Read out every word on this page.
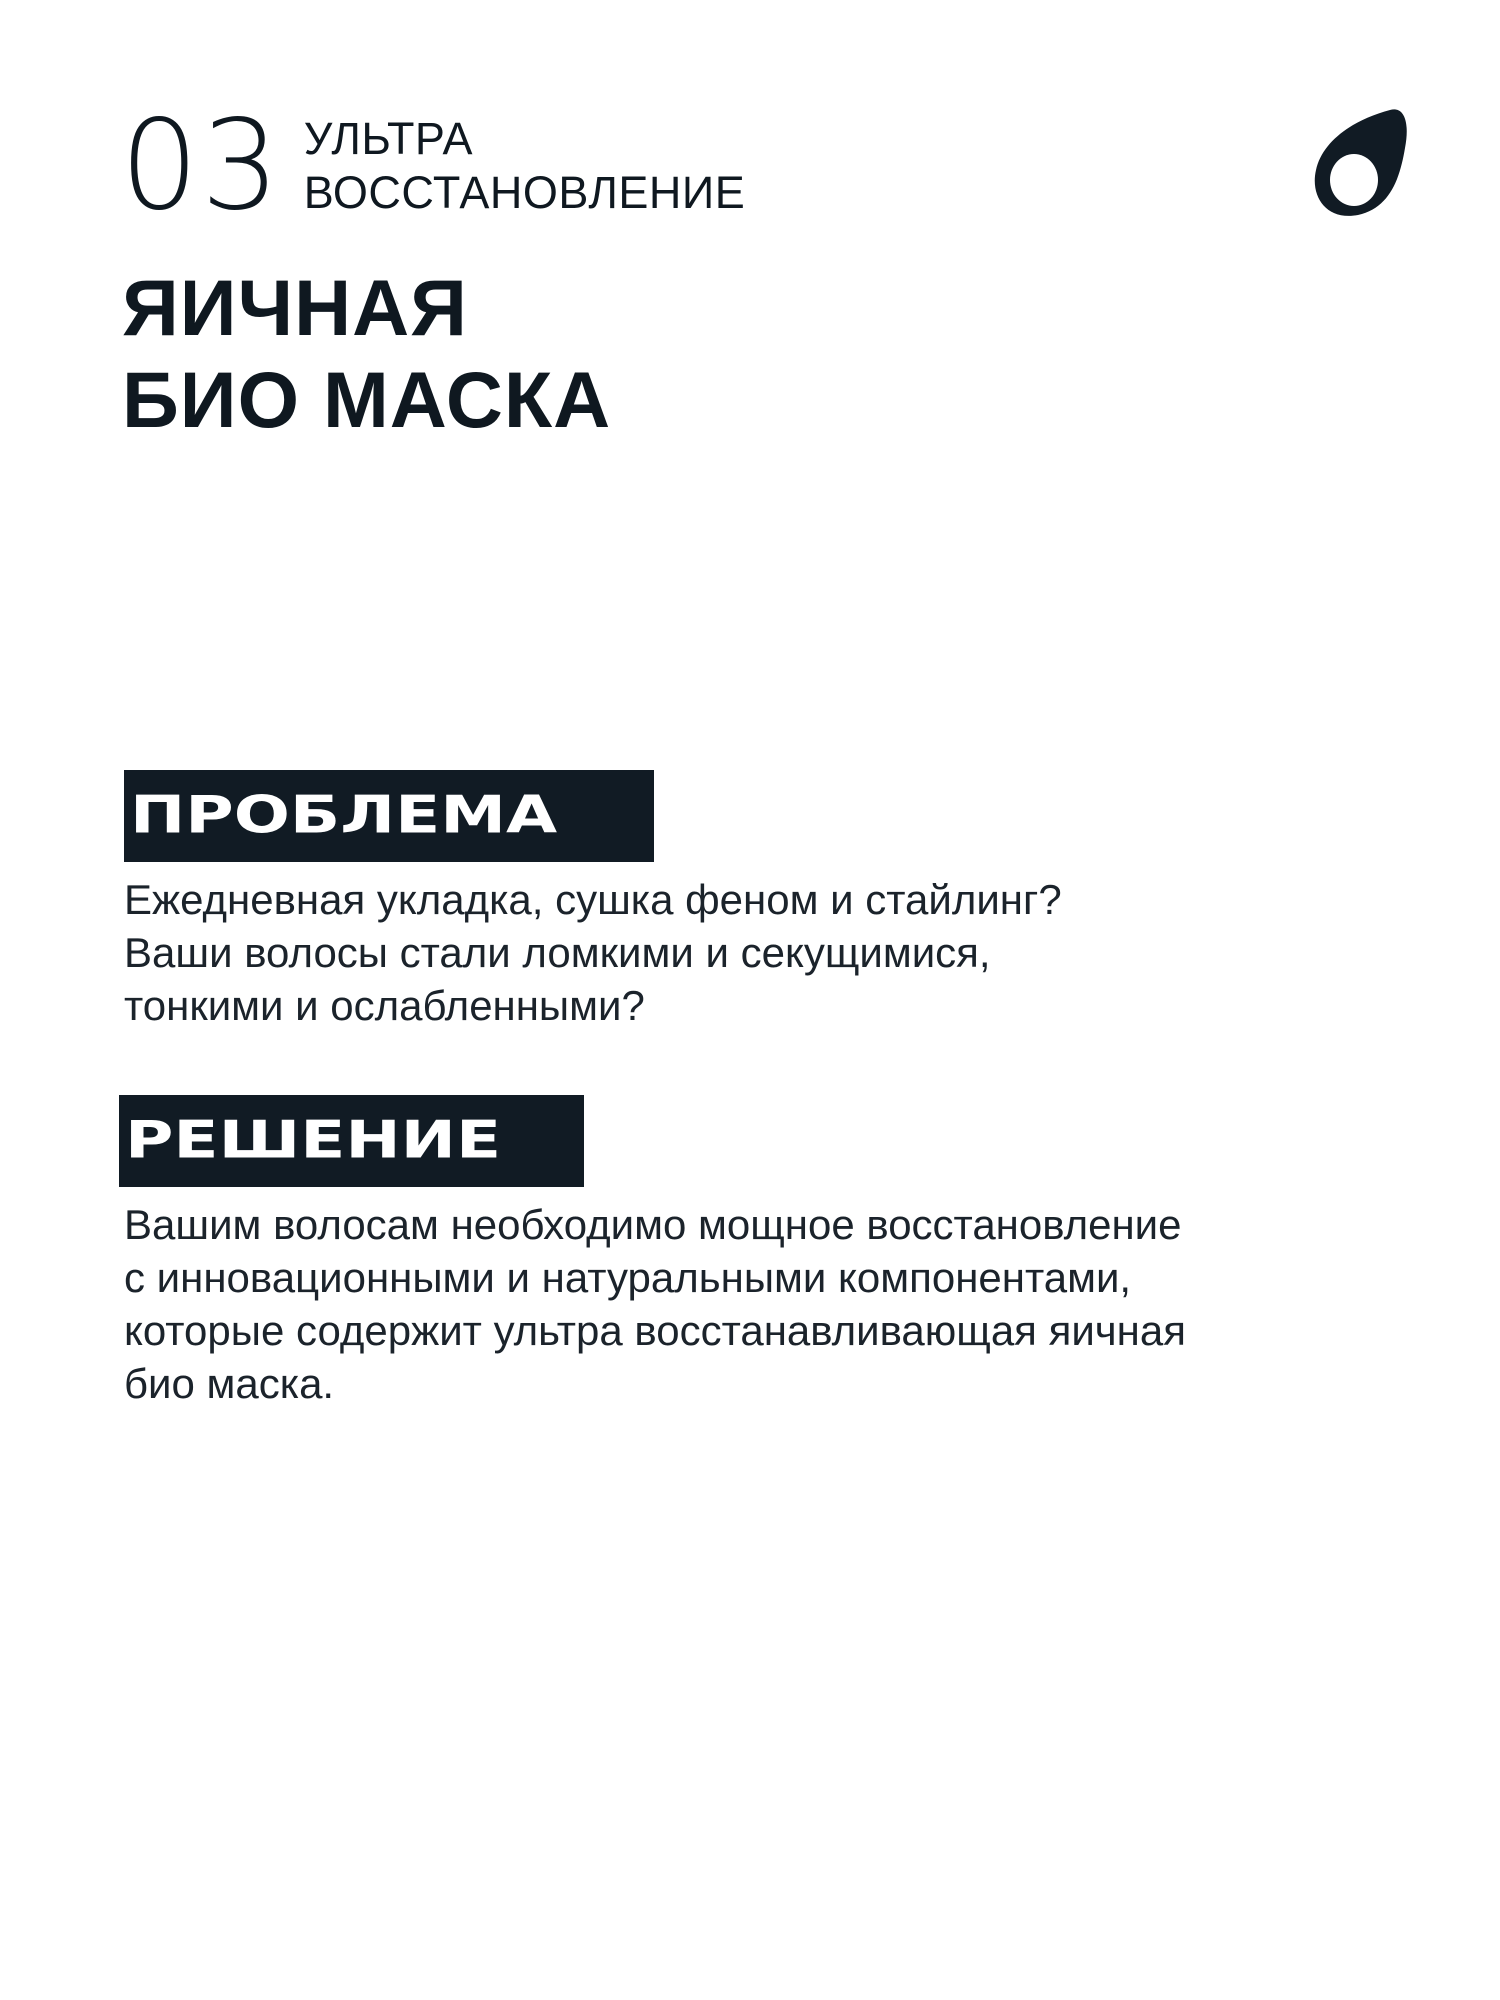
03 УЛЬТРА
ВОССТАНОВЛЕНИЕ
ЯИЧНАЯ
БИО МАСКА
ПРОБЛЕМА

Ежедневная укладка, сушка феном и стайлинг?
Ваши волосы стали ломкими и секущимися,
тонкими и ослабленными?

РЕШЕНИЕ

Вашим волосам необходимо мощное восстановление
с инновационными и натуральными компонентами,
которые содержит ультра восстанавливающая яичная
био маска.
